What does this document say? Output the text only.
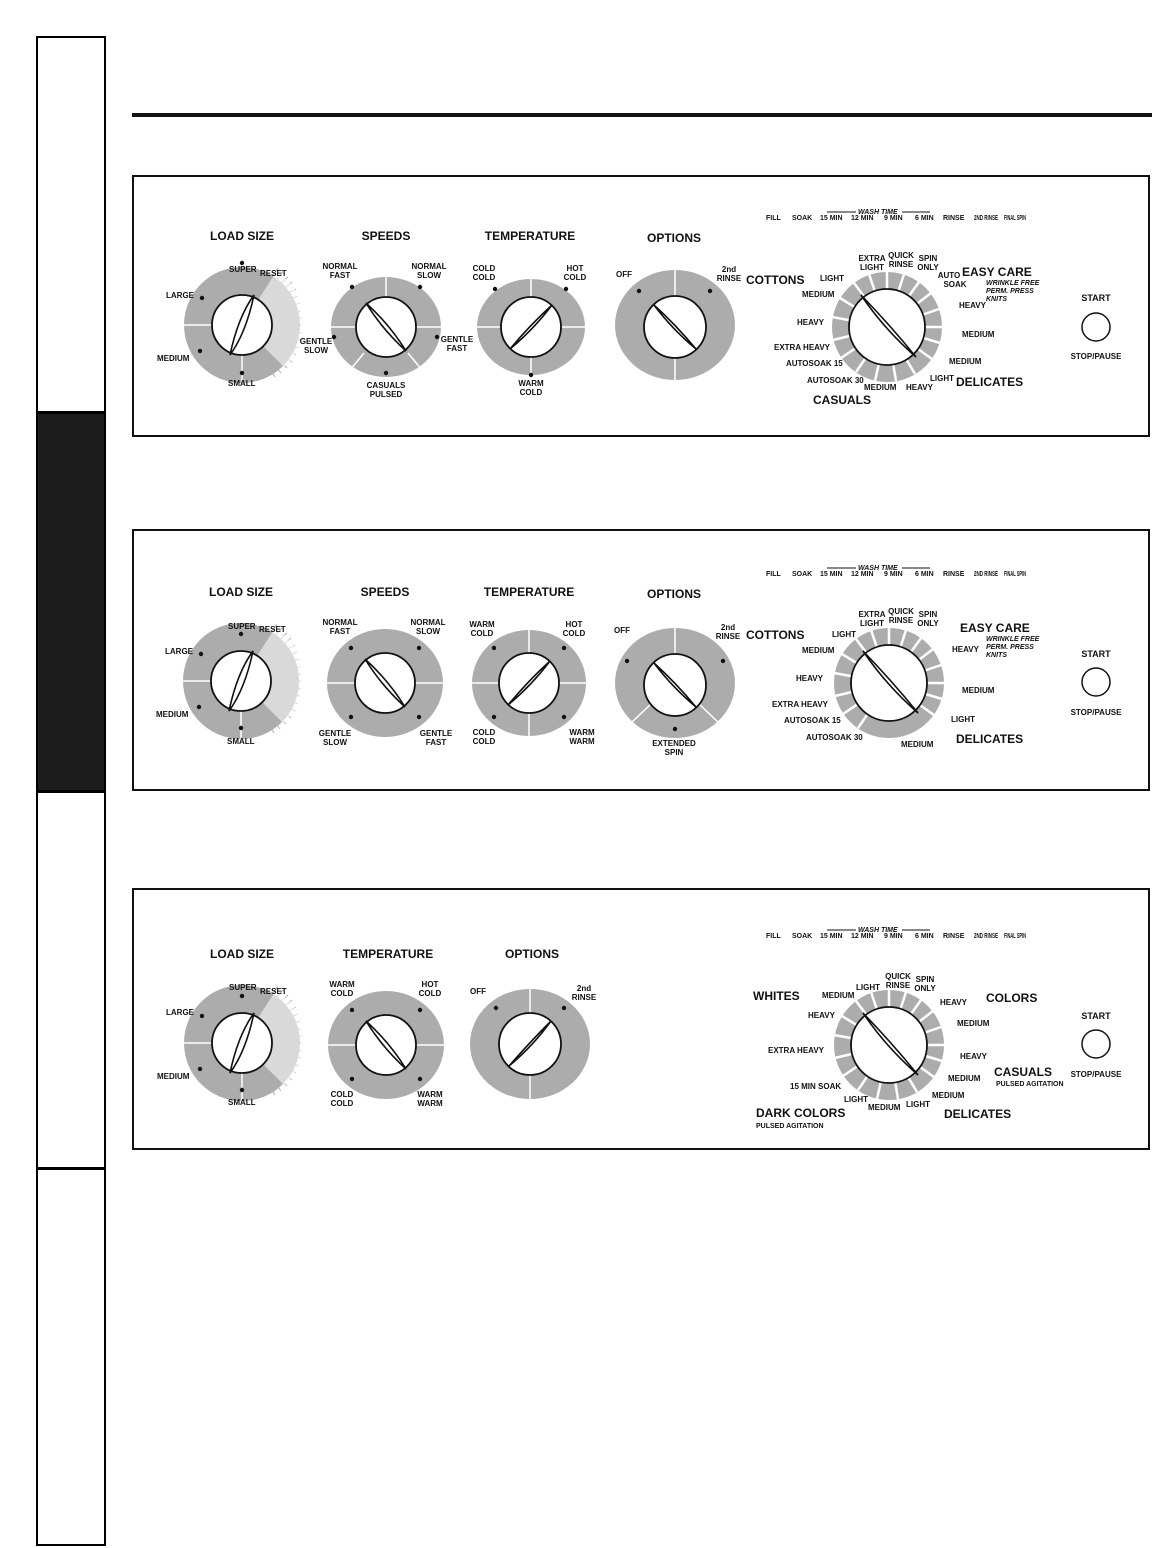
FILL SOAK 15 MIN 12 MIN 9 MIN 6 MIN RINSE 2ND RINSE FINAL SPIN
WASH TIME
LOAD SIZE
LARGE
SUPER RESET
MEDIUM
SMALL
SPEEDS
NORMAL
FAST
NORMAL
SLOW
GENTLE
SLOW
GENTLE
FAST
CASUALS
PULSED
TEMPERATURE
COLD
COLD
HOT
COLD
WARM
COLD
OPTIONS
OFF
2nd
RINSE COTTONS
EASY CARE
WRINKLE FREE
PERM. PRESS
KNITS
DELICATES
CASUALS
LIGHT
MEDIUM
HEAVY
EXTRA HEAVY
AUTOSOAK 15
AUTOSOAK 30
EXTRA
LIGHT
QUICK
RINSE
SPIN
ONLY
AUTO
SOAK
HEAVY
MEDIUM
MEDIUM
LIGHT
HEAVY
MEDIUM
START
STOP/PAUSE
FILL SOAK 15 MIN 12 MIN 9 MIN 6 MIN RINSE 2ND RINSE FINAL SPIN
WASH TIME
LOAD SIZE
LARGE
SUPER RESET
MEDIUM
SMALL
SPEEDS
NORMAL
FAST
NORMAL
SLOW
GENTLE
SLOW
GENTLE
FAST
TEMPERATURE
WARM
COLD
HOT
COLD
COLD
COLD
WARM
WARM
OPTIONS
OFF	2nd
RINSE
EXTENDED
SPIN
COTTONS	EASY CARE
WRINKLE FREE
PERM. PRESS
KNITS
DELICATES
LIGHT
MEDIUM
HEAVY
EXTRA HEAVY
AUTOSOAK 15
AUTOSOAK 30
EXTRA
LIGHT
QUICK
RINSE
SPIN
ONLY
HEAVY
MEDIUM
LIGHT
MEDIUM
START
STOP/PAUSE
FILL SOAK 15 MIN 12 MIN 9 MIN 6 MIN RINSE 2ND RINSE FINAL SPIN
WASH TIME
LOAD SIZE
LARGE
SUPER RESET
MEDIUM
SMALL
TEMPERATURE
WARM
COLD
HOT
COLD
COLD
COLD
WARM
WARM
OPTIONS
OFF	2nd
RINSE	WHITES	COLORS
CASUALS
PULSED AGITATION
DARK COLORS
PULSED AGITATION
DELICATES
MEDIUM
LIGHT
HEAVY
EXTRA HEAVY
QUICK
RINSE
SPIN
ONLY
HEAVY
MEDIUM
HEAVY
MEDIUM
15 MIN SOAK
LIGHT
MEDIUM LIGHT
MEDIUM
START
STOP/PAUSE
